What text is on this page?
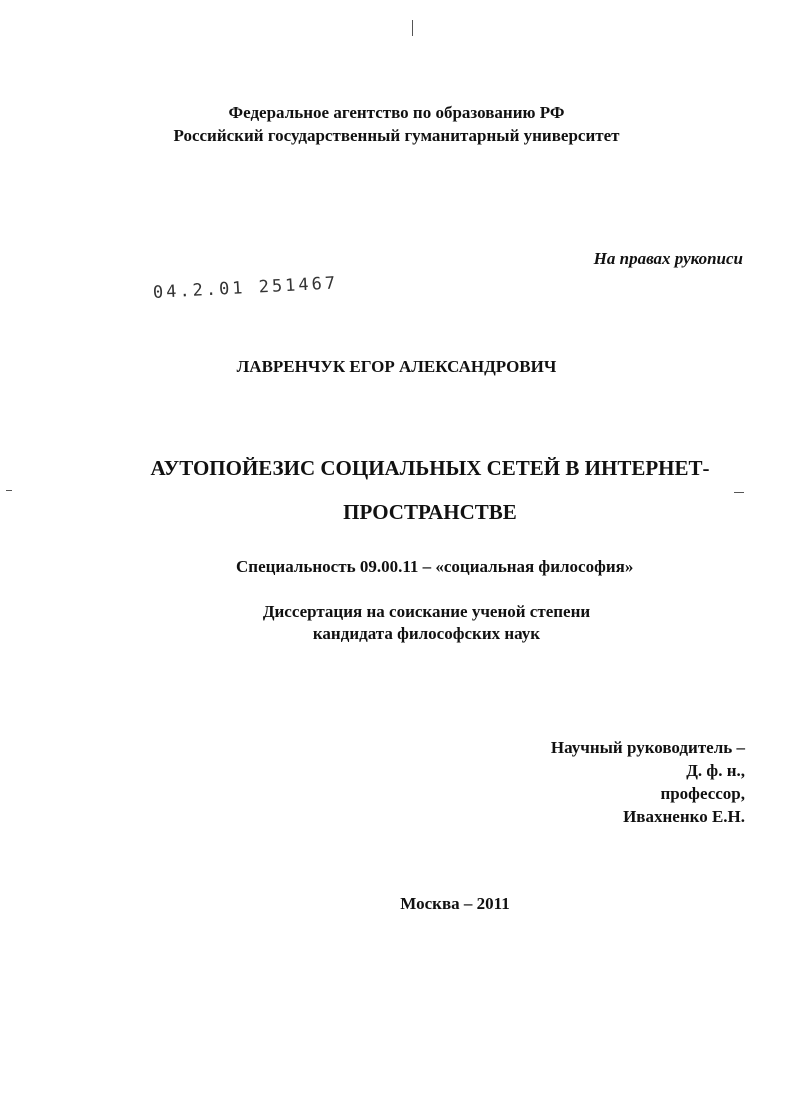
Федеральное агентство по образованию РФ
Российский государственный гуманитарный университет
На правах рукописи
04.2.01 251467
ЛАВРЕНЧУК ЕГОР АЛЕКСАНДРОВИЧ
АУТОПОЙЕЗИС СОЦИАЛЬНЫХ СЕТЕЙ В ИНТЕРНЕТ-
ПРОСТРАНСТВЕ
Специальность 09.00.11 – «социальная философия»
Диссертация на соискание ученой степени
кандидата философских наук
Научный руководитель –
Д. ф. н.,
профессор,
Ивахненко Е.Н.
Москва – 2011
